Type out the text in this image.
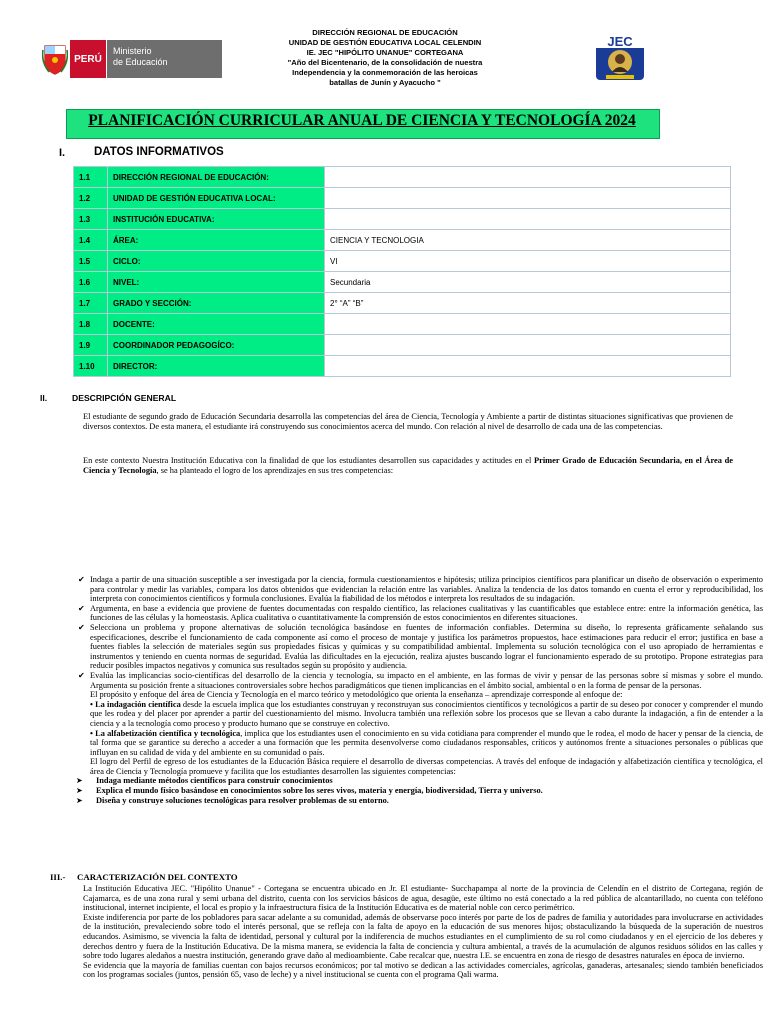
PERÚ
Ministerio
de Educación
DIRECCIÓN REGIONAL DE EDUCACIÓN
UNIDAD DE GESTIÓN EDUCATIVA LOCAL CELENDIN
IE. JEC "HIPÓLITO UNANUE" CORTEGANA
"Año del Bicentenario, de la consolidación de nuestra
Independencia y la conmemoración de las heroicas
batallas de Junín y Ayacucho "
JEC
PLANIFICACIÓN CURRICULAR ANUAL DE CIENCIA Y TECNOLOGÍA 2024
I.	DATOS INFORMATIVOS
1.1	DIRECCIÓN REGIONAL DE EDUCACIÓN:	
1.2	UNIDAD DE GESTIÓN EDUCATIVA LOCAL:	
1.3	INSTITUCIÓN EDUCATIVA:	
1.4	ÁREA:	CIENCIA Y TECNOLOGIA
1.5	CICLO:	VI
1.6	NIVEL:	Secundaria
1.7	GRADO Y SECCIÓN:	2° “A” “B”
1.8	DOCENTE:	
1.9	COORDINADOR PEDAGOGÍCO:	
1.10	DIRECTOR:	
II.	DESCRIPCIÓN GENERAL
El estudiante de segundo grado de Educación Secundaria desarrolla las competencias del área de Ciencia, Tecnología y Ambiente a partir de distintas situaciones significativas que provienen de diversos contextos. De esta manera, el estudiante irá construyendo sus conocimientos acerca del mundo. Con relación al nivel de desarrollo de cada una de las competencias.
En este contexto Nuestra Institución Educativa con la finalidad de que los estudiantes desarrollen sus capacidades y actitudes en el Primer Grado de Educación Secundaria, en el Área de Ciencia y Tecnología, se ha planteado el logro de los aprendizajes en sus tres competencias:
✔ Indaga a partir de una situación susceptible a ser investigada por la ciencia, formula cuestionamientos e hipótesis; utiliza principios científicos para planificar un diseño de observación o experimento para controlar y medir las variables, compara los datos obtenidos que evidencian la relación entre las variables. Analiza la tendencia de los datos tomando en cuenta el error y reproducibilidad, los interpreta con conocimientos científicos y formula conclusiones. Evalúa la fiabilidad de los métodos e interpreta los resultados de su indagación.
✔ Argumenta, en base a evidencia que proviene de fuentes documentadas con respaldo científico, las relaciones cualitativas y las cuantificables que establece entre: entre la información genética, las funciones de las células y la homeostasis. Aplica cualitativa o cuantitativamente la comprensión de estos conocimientos en diferentes situaciones.
✔ Selecciona un problema y propone alternativas de solución tecnológica basándose en fuentes de información confiables. Determina su diseño, lo representa gráficamente señalando sus especificaciones, describe el funcionamiento de cada componente así como el proceso de montaje y justifica los parámetros propuestos, hace estimaciones para reducir el error; justifica en base a fuentes fiables la selección de materiales según sus propiedades físicas y químicas y su compatibilidad ambiental. Implementa su solución tecnológica con el uso apropiado de herramientas e instrumentos y teniendo en cuenta normas de seguridad. Evalúa las dificultades en la ejecución, realiza ajustes buscando lograr el funcionamiento esperado de su prototipo. Propone estrategias para reducir posibles impactos negativos y comunica sus resultados según su propósito y audiencia.
✔ Evalúa las implicancias socio-científicas del desarrollo de la ciencia y tecnología, su impacto en el ambiente, en las formas de vivir y pensar de las personas sobre sí mismas y sobre el mundo. Argumenta su posición frente a situaciones controversiales sobre hechos paradigmáticos que tienen implicancias en el ámbito social, ambiental o en la forma de pensar de la personas.
El propósito y enfoque del área de Ciencia y Tecnología en el marco teórico y metodológico que orienta la enseñanza – aprendizaje corresponde al enfoque de:
• La indagación científica desde la escuela implica que los estudiantes construyan y reconstruyan sus conocimientos científicos y tecnológicos a partir de su deseo por conocer y comprender el mundo que les rodea y del placer por aprender a partir del cuestionamiento del mismo. Involucra también una reflexión sobre los procesos que se llevan a cabo durante la indagación, a fin de entender a la ciencia y a la tecnología como proceso y producto humano que se construye en colectivo.
• La alfabetización científica y tecnológica, implica que los estudiantes usen el conocimiento en su vida cotidiana para comprender el mundo que le rodea, el modo de hacer y pensar de la ciencia, de tal forma que se garantice su derecho a acceder a una formación que les permita desenvolverse como ciudadanos responsables, críticos y autónomos frente a situaciones personales o públicas que influyan en su calidad de vida y del ambiente en su comunidad o país.
El logro del Perfil de egreso de los estudiantes de la Educación Básica requiere el desarrollo de diversas competencias. A través del enfoque de indagación y alfabetización científica y tecnológica, el área de Ciencia y Tecnología promueve y facilita que los estudiantes desarrollen las siguientes competencias:
➤	Indaga mediante métodos científicos para construir conocimientos
➤	Explica el mundo físico basándose en conocimientos sobre los seres vivos, materia y energía, biodiversidad, Tierra y universo.
➤	Diseña y construye soluciones tecnológicas para resolver problemas de su entorno.
III.- CARACTERIZACIÓN DEL CONTEXTO
La Institución Educativa JEC. "Hipólito Unanue" - Cortegana se encuentra ubicado en Jr. El estudiante- Succhapampa al norte de la provincia de Celendín en el distrito de Cortegana, región de Cajamarca, es de una zona rural y semi urbana del distrito, cuenta con los servicios básicos de agua, desagüe, este último no está conectado a la red pública de alcantarillado, no cuenta con teléfono institucional, internet incipiente, el local es propio y la infraestructura física de la Institución Educativa es de material noble con cerco perimétrico.
Existe indiferencia por parte de los pobladores para sacar adelante a su comunidad, además de observarse poco interés por parte de los de padres de familia y autoridades para involucrarse en actividades de la institución, prevaleciendo sobre todo el interés personal, que se refleja con la falta de apoyo en la educación de sus menores hijos; obstaculizando la búsqueda de la superación de nuestros educandos. Asimismo, se vivencia la falta de identidad, personal y cultural por la indiferencia de muchos estudiantes en el cumplimiento de su rol como ciudadanos y en el ejercicio de los deberes y derechos dentro y fuera de la Institución Educativa. De la misma manera, se evidencia la falta de conciencia y cultura ambiental, a través de la acumulación de algunos residuos sólidos en las calles y sobre todo lugares aledaños a nuestra institución, generando grave daño al medioambiente. Cabe recalcar que, nuestra I.E. se encuentra en zona de riesgo de desastres naturales en época de invierno.
Se evidencia que la mayoría de familias cuentan con bajos recursos económicos; por tal motivo se dedican a las actividades comerciales, agrícolas, ganaderas, artesanales; siendo también beneficiados con los programas sociales (juntos, pensión 65, vaso de leche) y a nivel institucional se cuenta con el programa Qali warma.
